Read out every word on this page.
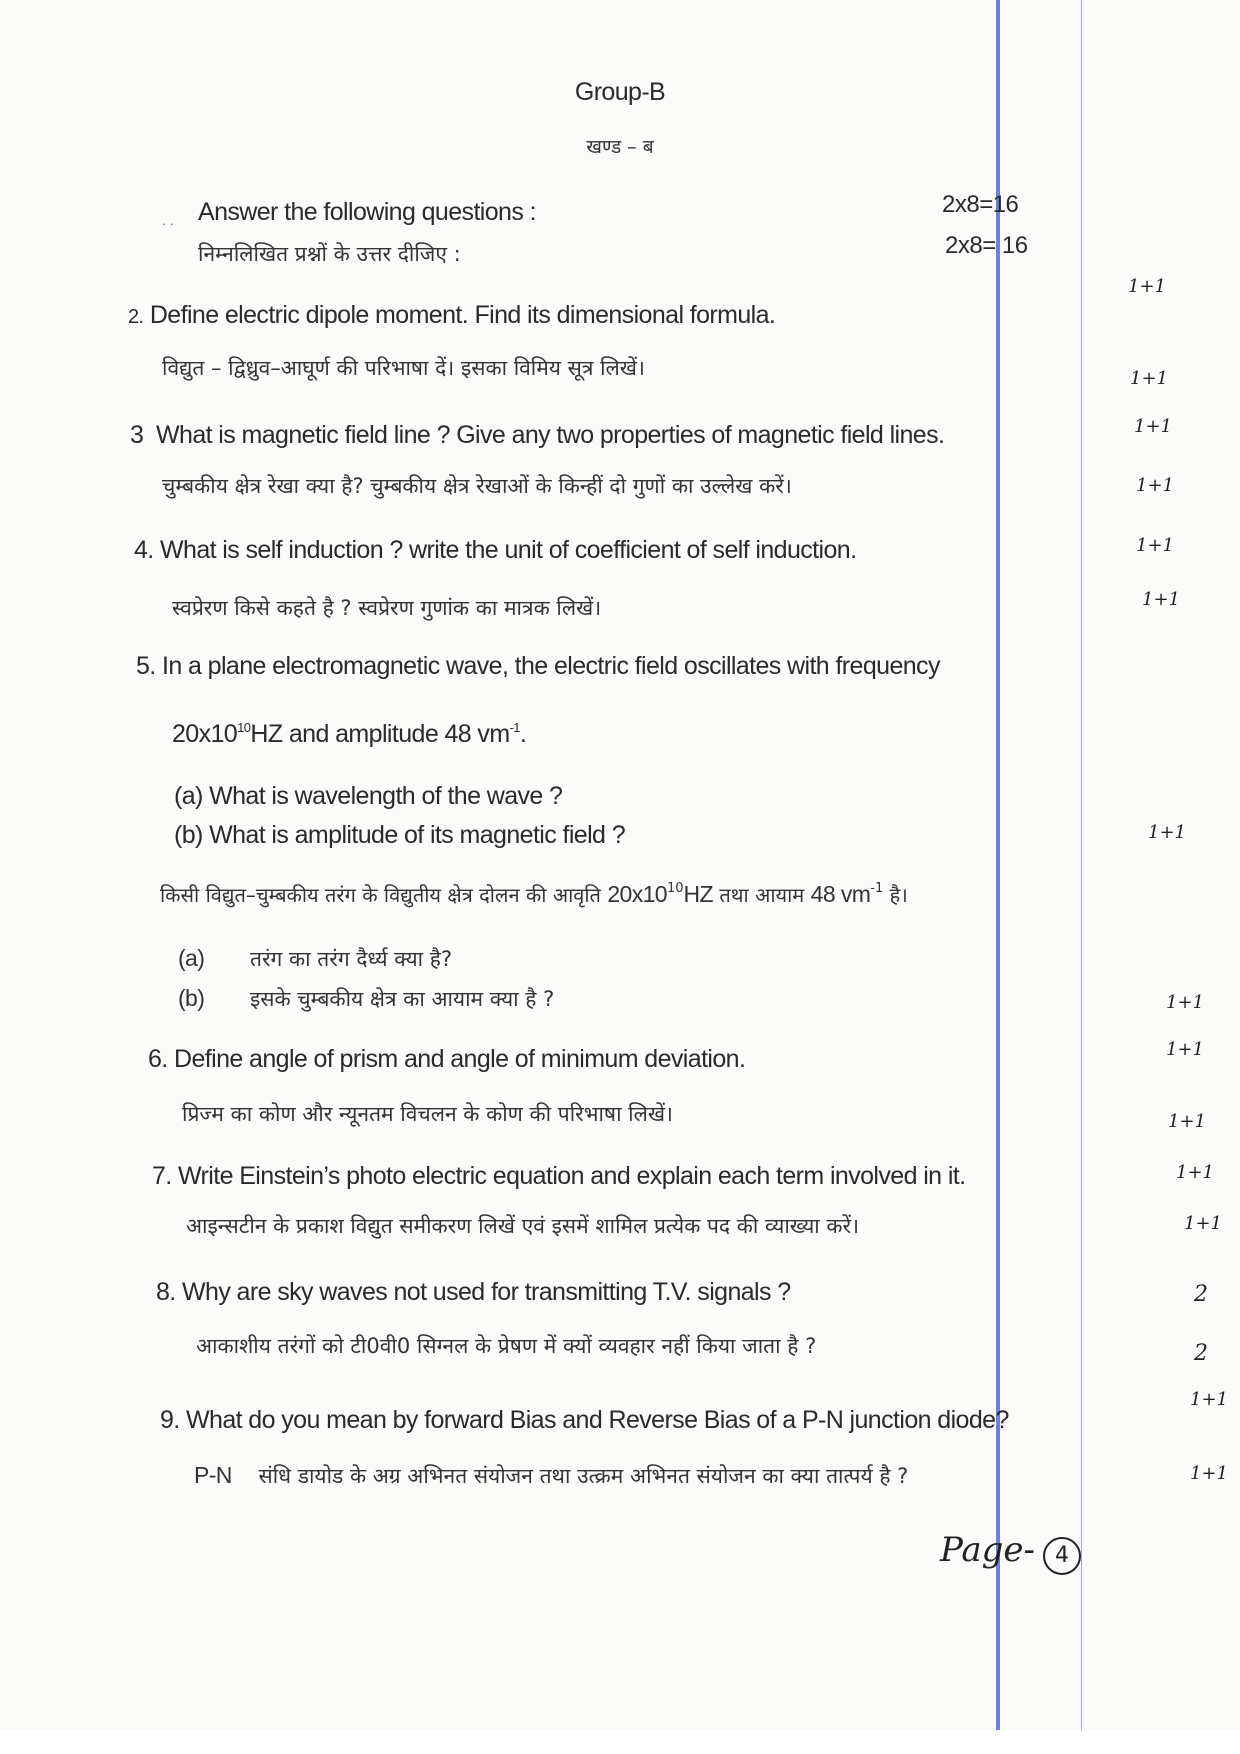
Group-B
खण्ड – ब
. . Answer the following questions :
निम्नलिखित प्रश्नों के उत्तर दीजिए :
2x8=16
2x8= 16
2. Define electric dipole moment. Find its dimensional formula.
1+1
विद्युत – द्विध्रुव–आघूर्ण की परिभाषा दें। इसका विमिय सूत्र लिखें।	1+1
3 What is magnetic field line ? Give any two properties of magnetic field lines.	1+1
चुम्बकीय क्षेत्र रेखा क्या है? चुम्बकीय क्षेत्र रेखाओं के किन्हीं दो गुणों का उल्लेख करें।	1+1
4. What is self induction ? write the unit of coefficient of self induction.	1+1
स्वप्रेरण किसे कहते है ? स्वप्रेरण गुणांक का मात्रक लिखें।	1+1
5. In a plane electromagnetic wave, the electric field oscillates with frequency
$20x10^{10}HZ$ and amplitude 48 $vm^{-1}$.
(a) What is wavelength of the wave ?
(b) What is amplitude of its magnetic field ?	1+1
किसी विद्युत–चुम्बकीय तरंग के विद्युतीय क्षेत्र दोलन की आवृति $20x10^{10}HZ$ तथा आयाम 48 $vm^{-1}$ है।
(a) तरंग का तरंग दैर्ध्य क्या है?
(b) इसके चुम्बकीय क्षेत्र का आयाम क्या है ?	1+1
6. Define angle of prism and angle of minimum deviation.	1+1
प्रिज्म का कोण और न्यूनतम विचलन के कोण की परिभाषा लिखें।	1+1
7. Write Einstein’s photo electric equation and explain each term involved in it.	1+1
आइन्सटीन के प्रकाश विद्युत समीकरण लिखें एवं इसमें शामिल प्रत्येक पद की व्याख्या करें।	1+1
8. Why are sky waves not used for transmitting T.V. signals ?	2
आकाशीय तरंगों को टी0वी0 सिग्नल के प्रेषण में क्यों व्यवहार नहीं किया जाता है ?	2
9. What do you mean by forward Bias and Reverse Bias of a P-N junction diode?
1+1
P-N संधि डायोड के अग्र अभिनत संयोजन तथा उत्क्रम अभिनत संयोजन का क्या तात्पर्य है ?	1+1
Page- 4
